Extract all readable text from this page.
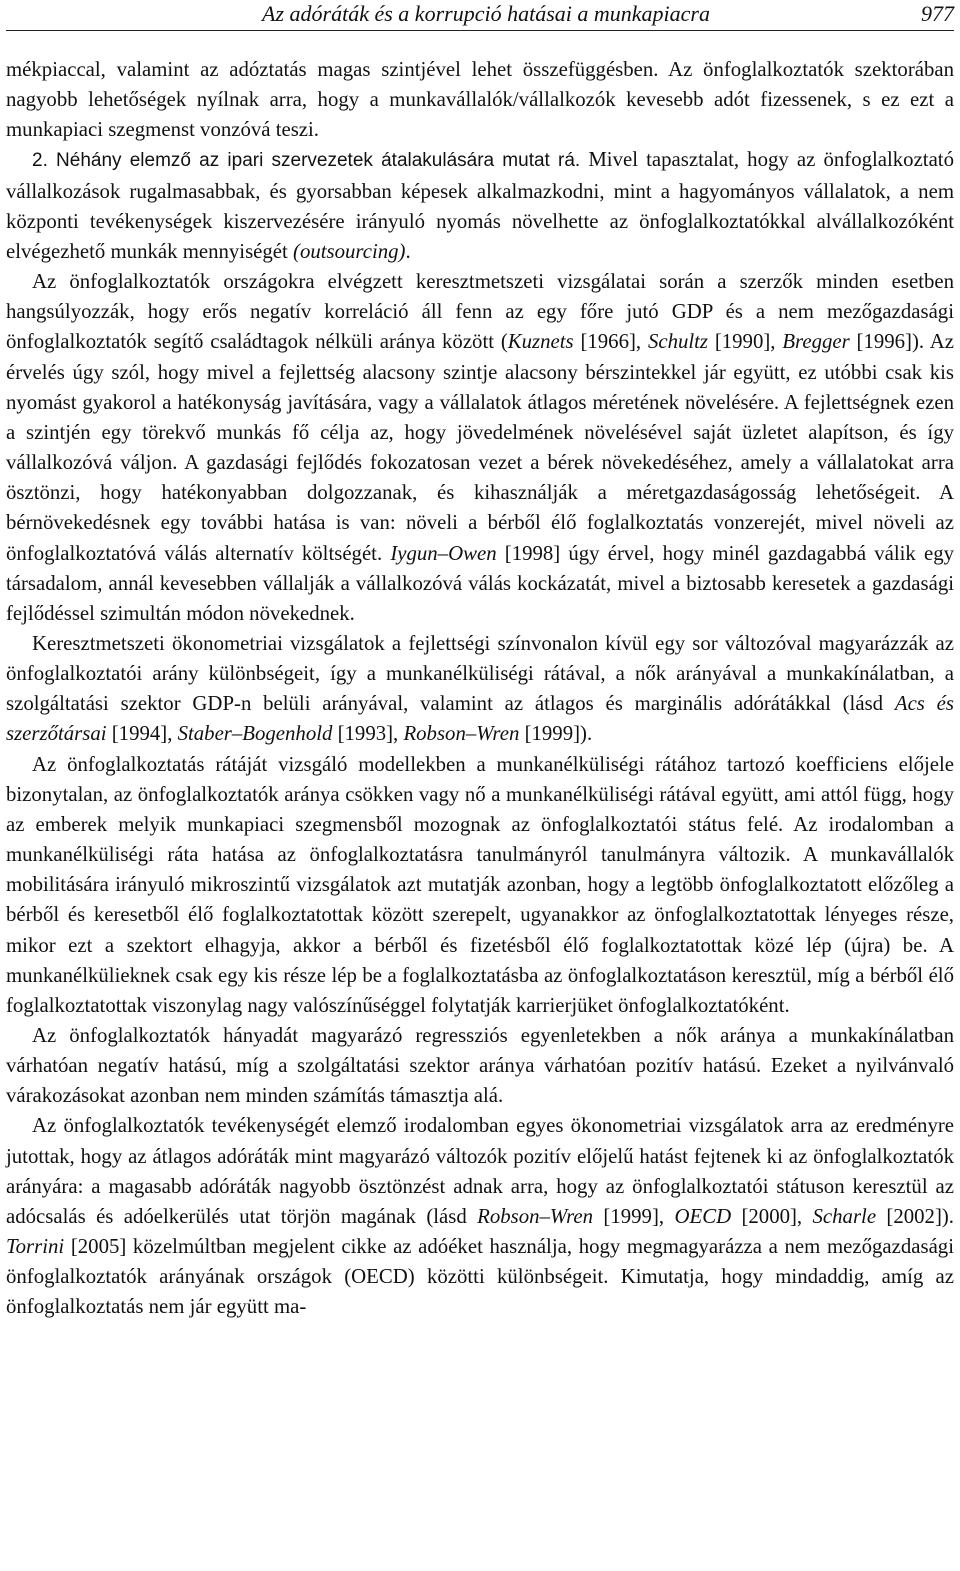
Az adóráták és a korrupció hatásai a munkapiacra	977

mékpiaccal, valamint az adóztatás magas szintjével lehet összefüggésben. Az önfoglalkoztatók szektorában nagyobb lehetőségek nyílnak arra, hogy a munkavállalók/vállalkozók kevesebb adót fizessenek, s ez ezt a munkapiaci szegmenst vonzóvá teszi.

2. Néhány elemző az ipari szervezetek átalakulására mutat rá. Mivel tapasztalat, hogy az önfoglalkoztató vállalkozások rugalmasabbak, és gyorsabban képesek alkalmazkodni, mint a hagyományos vállalatok, a nem központi tevékenységek kiszervezésére irányuló nyomás növelhette az önfoglalkoztatókkal alvállalkozóként elvégezhető munkák mennyiségét (outsourcing).

Az önfoglalkoztatók országokra elvégzett keresztmetszeti vizsgálatai során a szerzők minden esetben hangsúlyozzák, hogy erős negatív korreláció áll fenn az egy főre jutó GDP és a nem mezőgazdasági önfoglalkoztatók segítő családtagok nélküli aránya között (Kuznets [1966], Schultz [1990], Bregger [1996]). Az érvelés úgy szól, hogy mivel a fejlettség alacsony szintje alacsony bérszintekkel jár együtt, ez utóbbi csak kis nyomást gyakorol a hatékonyság javítására, vagy a vállalatok átlagos méretének növelésére. A fejlettségnek ezen a szintjén egy törekvő munkás fő célja az, hogy jövedelmének növelésével saját üzletet alapítson, és így vállalkozóvá váljon. A gazdasági fejlődés fokozatosan vezet a bérek növekedéséhez, amely a vállalatokat arra ösztönzi, hogy hatékonyabban dolgozzanak, és kihasználják a méretgazdaságosság lehetőségeit. A bérnövekedésnek egy további hatása is van: növeli a bérből élő foglalkoztatás vonzerejét, mivel növeli az önfoglalkoztatóvá válás alternatív költségét. Iygun–Owen [1998] úgy érvel, hogy minél gazdagabbá válik egy társadalom, annál kevesebben vállalják a vállalkozóvá válás kockázatát, mivel a biztosabb keresetek a gazdasági fejlődéssel szimultán módon növekednek.

Keresztmetszeti ökonometriai vizsgálatok a fejlettségi színvonalon kívül egy sor változóval magyarázzák az önfoglalkoztatói arány különbségeit, így a munkanélküliségi rátával, a nők arányával a munkakínálatban, a szolgáltatási szektor GDP-n belüli arányával, valamint az átlagos és marginális adórátákkal (lásd Acs és szerzőtársai [1994], Staber–Bogenhold [1993], Robson–Wren [1999]).

Az önfoglalkoztatás rátáját vizsgáló modellekben a munkanélküliségi rátához tartozó koefficiens előjele bizonytalan, az önfoglalkoztatók aránya csökken vagy nő a munkanélküliségi rátával együtt, ami attól függ, hogy az emberek melyik munkapiaci szegmensből mozognak az önfoglalkoztatói státus felé. Az irodalomban a munkanélküliségi ráta hatása az önfoglalkoztatásra tanulmányról tanulmányra változik. A munkavállalók mobilitására irányuló mikroszintű vizsgálatok azt mutatják azonban, hogy a legtöbb önfoglalkoztatott előzőleg a bérből és keresetből élő foglalkoztatottak között szerepelt, ugyanakkor az önfoglalkoztatottak lényeges része, mikor ezt a szektort elhagyja, akkor a bérből és fizetésből élő foglalkoztatottak közé lép (újra) be. A munkanélkülieknek csak egy kis része lép be a foglalkoztatásba az önfoglalkoztatáson keresztül, míg a bérből élő foglalkoztatottak viszonylag nagy valószínűséggel folytatják karrierjüket önfoglalkoztatóként.

Az önfoglalkoztatók hányadát magyarázó regressziós egyenletekben a nők aránya a munkakínálatban várhatóan negatív hatású, míg a szolgáltatási szektor aránya várhatóan pozitív hatású. Ezeket a nyilvánvaló várakozásokat azonban nem minden számítás támasztja alá.

Az önfoglalkoztatók tevékenységét elemző irodalomban egyes ökonometriai vizsgálatok arra az eredményre jutottak, hogy az átlagos adóráták mint magyarázó változók pozitív előjelű hatást fejtenek ki az önfoglalkoztatók arányára: a magasabb adóráták nagyobb ösztönzést adnak arra, hogy az önfoglalkoztatói státuson keresztül az adócsalás és adóelkerülés utat törjön magának (lásd Robson–Wren [1999], OECD [2000], Scharle [2002]). Torrini [2005] közelmúltban megjelent cikke az adóéket használja, hogy megmagyarázza a nem mezőgazdasági önfoglalkoztatók arányának országok (OECD) közötti különbségeit. Kimutatja, hogy mindaddig, amíg az önfoglalkoztatás nem jár együtt ma-
